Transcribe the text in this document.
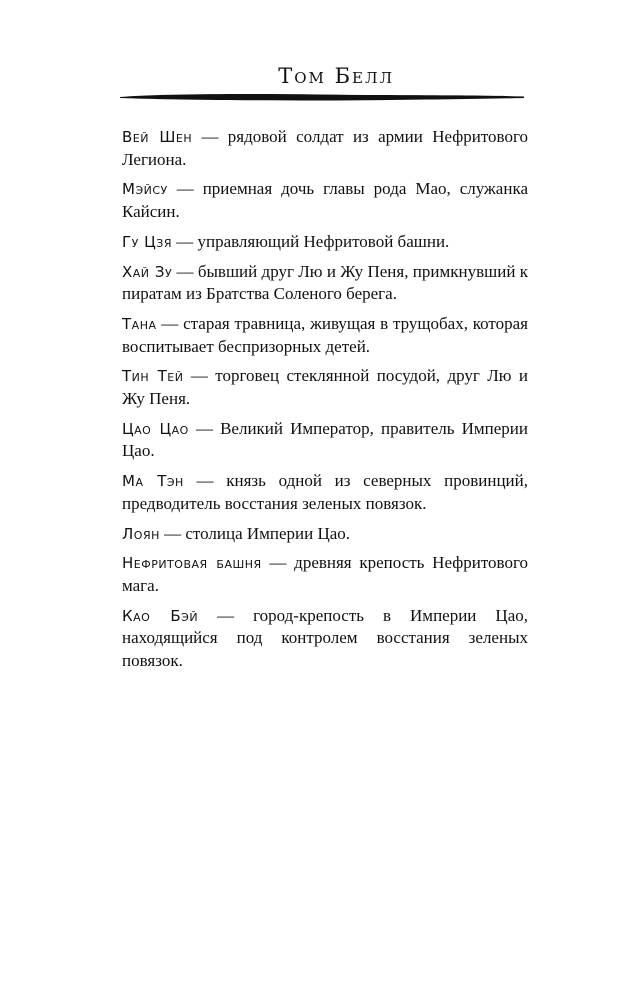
Том Белл

Вей Шен — рядовой солдат из армии Нефритового Легиона.

Мэйсу — приемная дочь главы рода Мао, служанка Кайсин.

Гу Цзя — управляющий Нефритовой башни.

Хай Зу — бывший друг Лю и Жу Пеня, примкнувший к пиратам из Братства Соленого берега.

Тана — старая травница, живущая в трущобах, которая воспитывает беспризорных детей.

Тин Тей — торговец стеклянной посудой, друг Лю и Жу Пеня.

Цао Цао — Великий Император, правитель Империи Цао.

Ма Тэн — князь одной из северных провинций, предводитель восстания зеленых повязок.

Лоян — столица Империи Цао.

Нефритовая башня — древняя крепость Нефритового мага.

Као Бэй — город-крепость в Империи Цао, находящийся под контролем восстания зеленых повязок.
